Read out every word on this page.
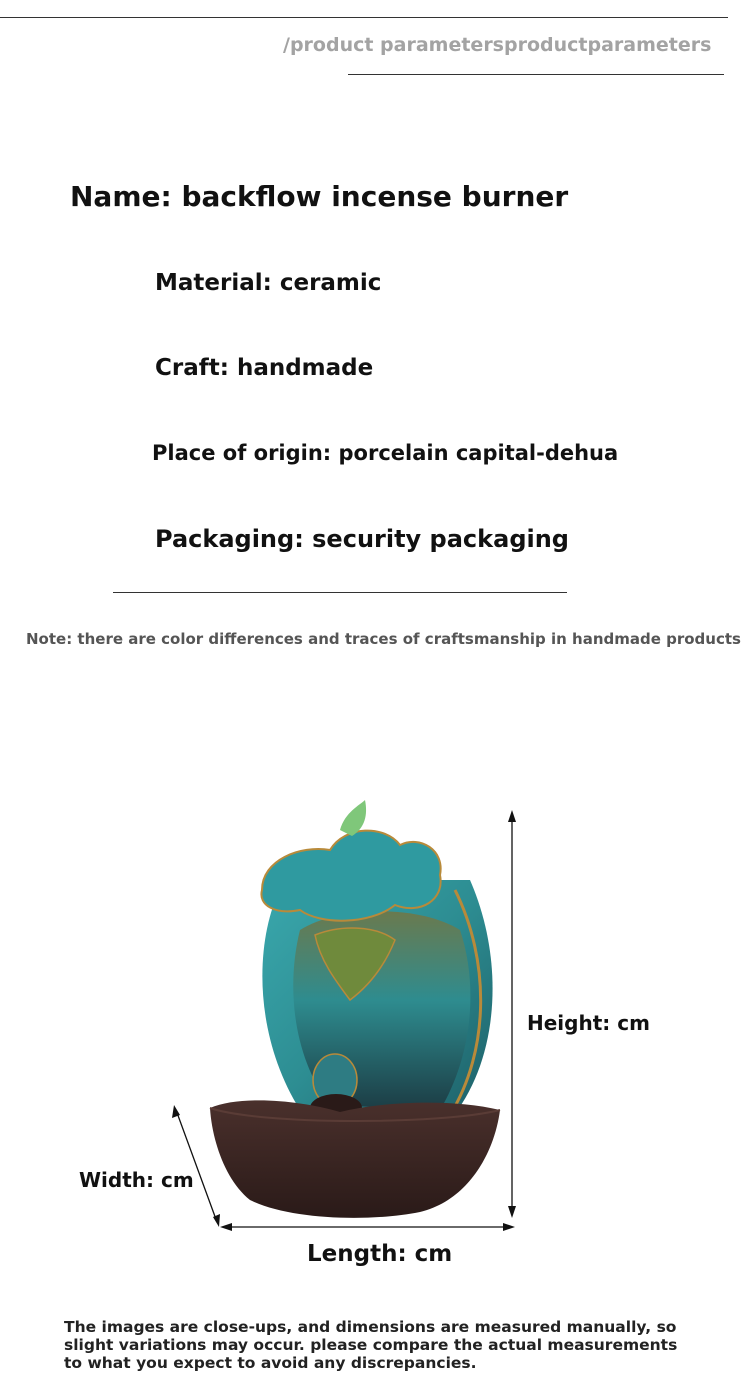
/product parametersproductparameters
Name: backflow incense burner
Material: ceramic
Craft: handmade
Place of origin: porcelain capital-dehua
Packaging: security packaging
Note: there are color differences and traces of craftsmanship in handmade products
Height: cm
Width: cm
Length: cm
The images are close-ups, and dimensions are measured manually, so slight variations may occur. please compare the actual measurements to what you expect to avoid any discrepancies.
